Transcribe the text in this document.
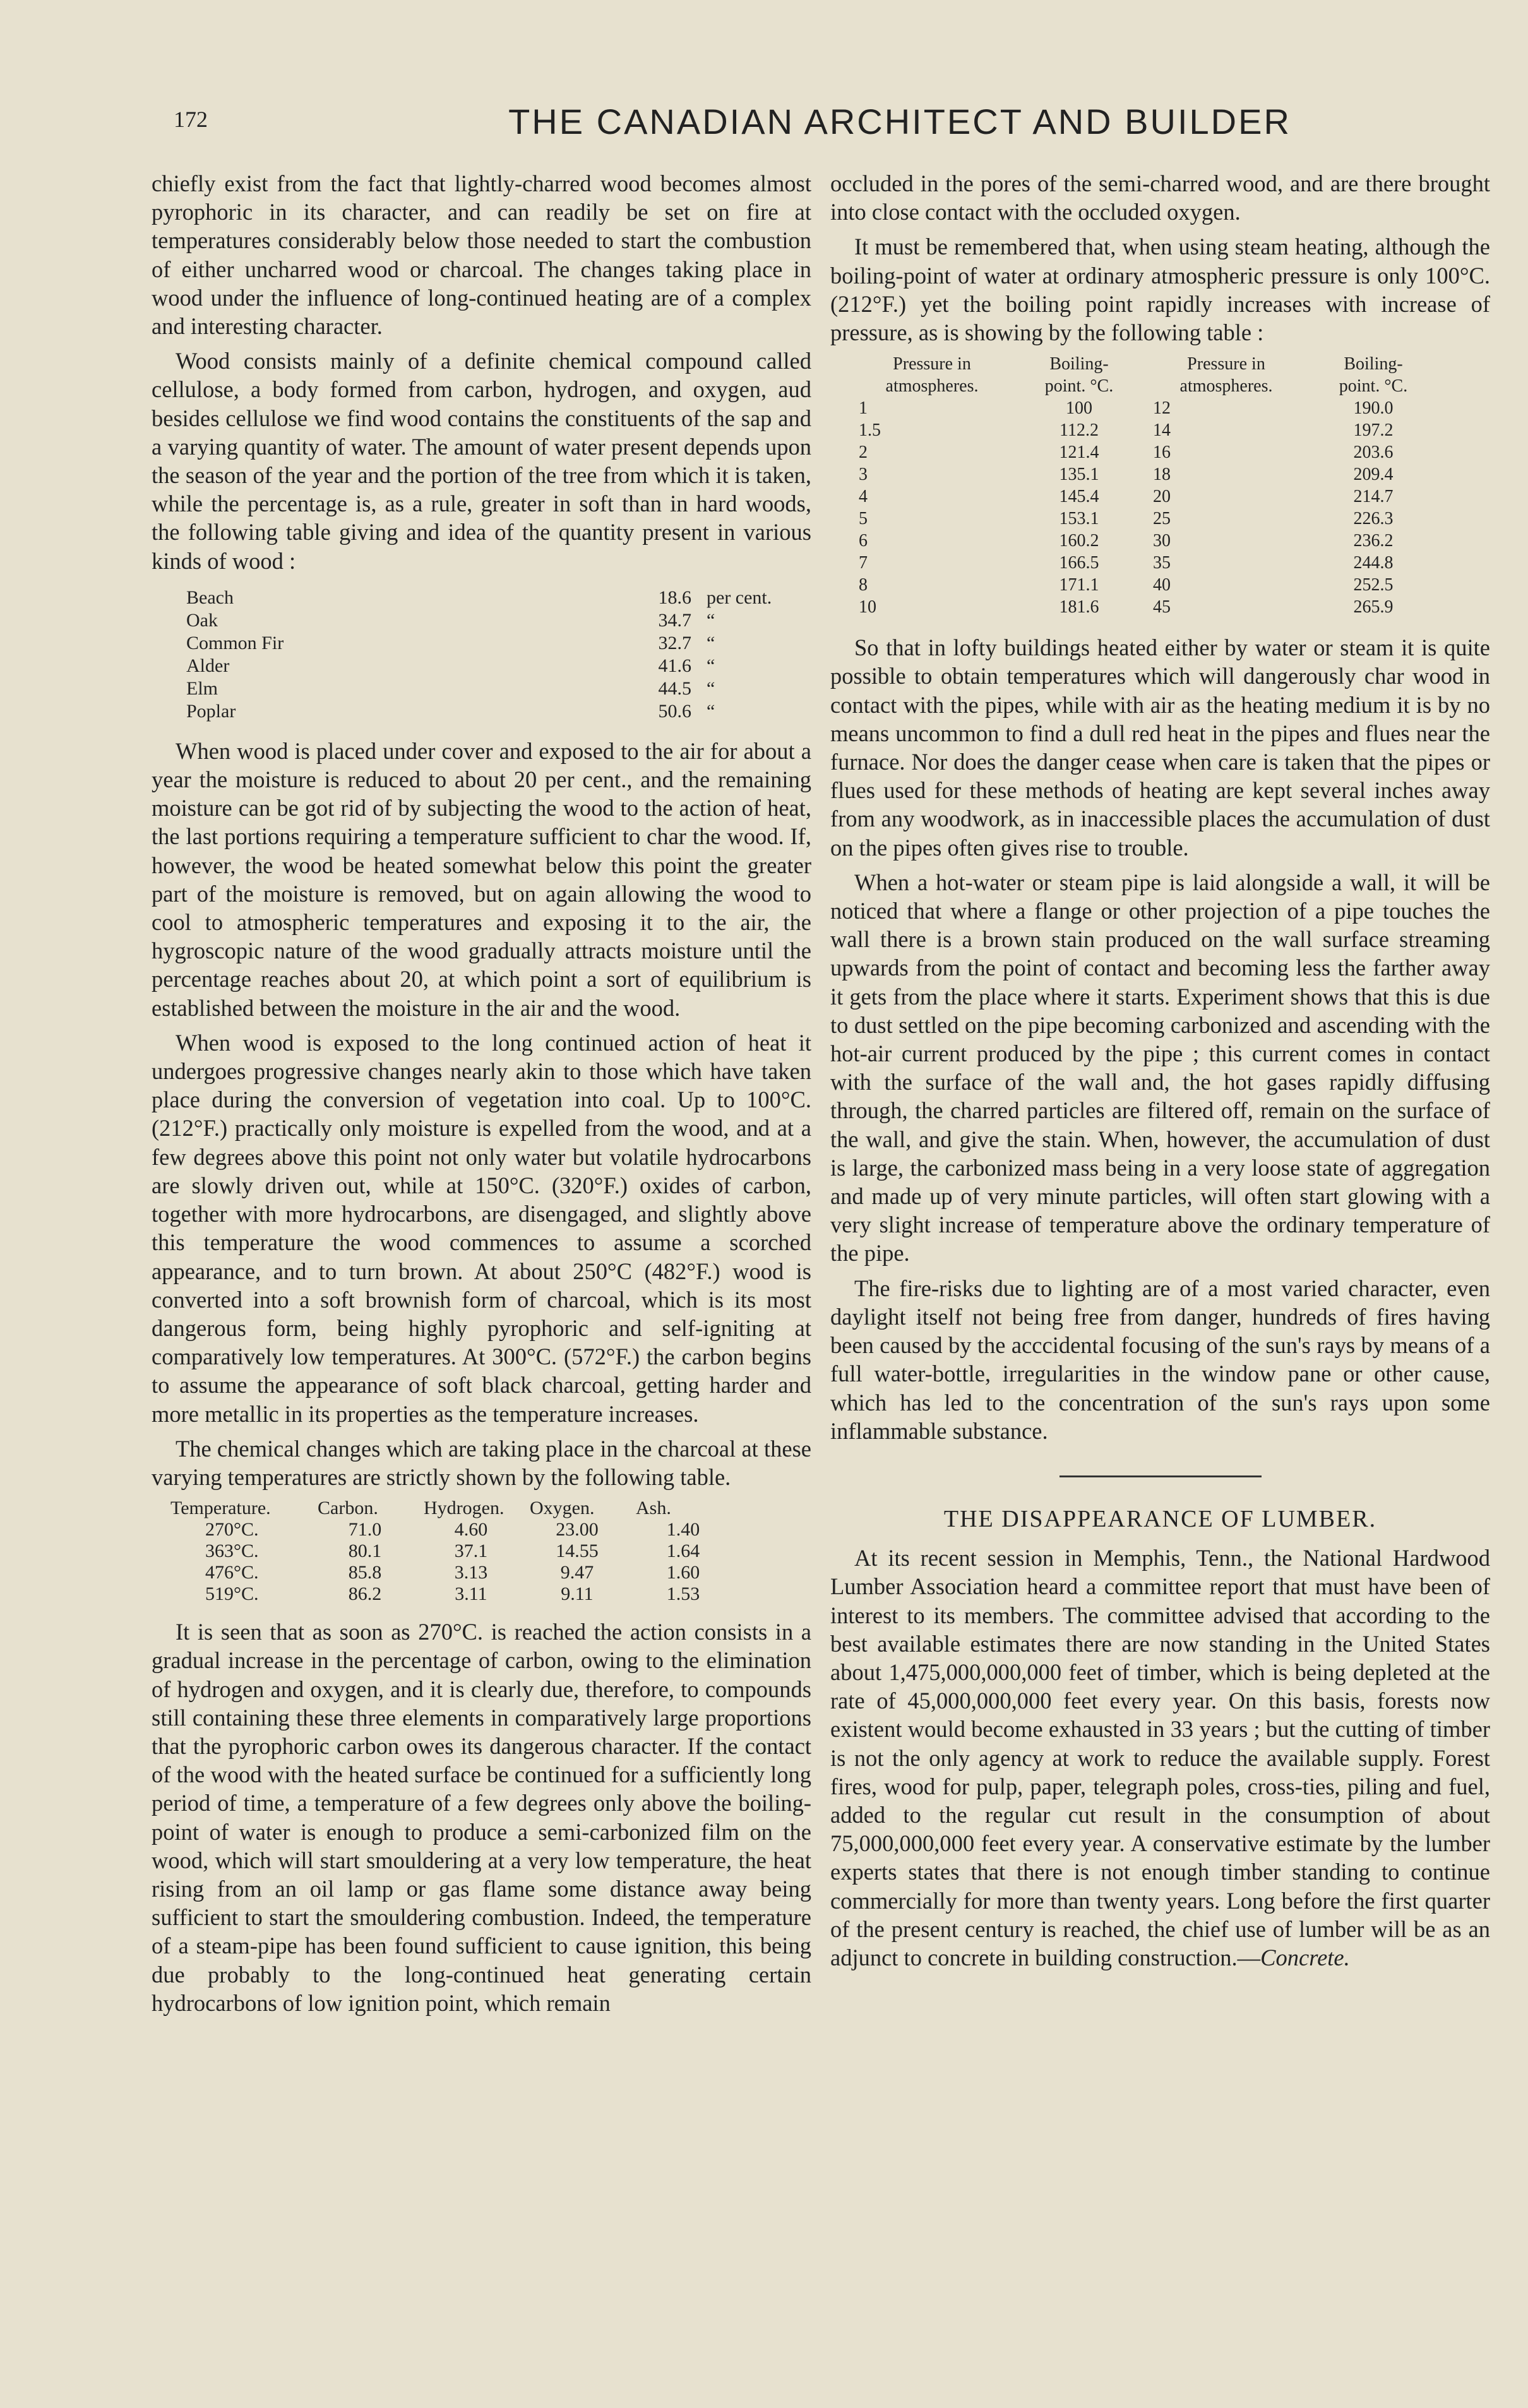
172	THE CANADIAN ARCHITECT AND BUILDER

chiefly exist from the fact that lightly-charred wood becomes almost pyrophoric in its character, and can readily be set on fire at temperatures considerably below those needed to start the combustion of either uncharred wood or charcoal. The changes taking place in wood under the influence of long-continued heating are of a complex and interesting character.

Wood consists mainly of a definite chemical compound called cellulose, a body formed from carbon, hydrogen, and oxygen, aud besides cellulose we find wood contains the constituents of the sap and a varying quantity of water. The amount of water present depends upon the season of the year and the portion of the tree from which it is taken, while the percentage is, as a rule, greater in soft than in hard woods, the following table giving and idea of the quantity present in various kinds of wood :

Beach	18.6	per cent.
Oak	34.7	“
Common Fir	32.7	“
Alder	41.6	“
Elm	44.5	“
Poplar	50.6	“

When wood is placed under cover and exposed to the air for about a year the moisture is reduced to about 20 per cent., and the remaining moisture can be got rid of by subjecting the wood to the action of heat, the last portions requiring a temperature sufficient to char the wood. If, however, the wood be heated somewhat below this point the greater part of the moisture is removed, but on again allowing the wood to cool to atmospheric temperatures and exposing it to the air, the hygroscopic nature of the wood gradually attracts moisture until the percentage reaches about 20, at which point a sort of equilibrium is established between the moisture in the air and the wood.

When wood is exposed to the long continued action of heat it undergoes progressive changes nearly akin to those which have taken place during the conversion of vegetation into coal. Up to 100°C. (212°F.) practically only moisture is expelled from the wood, and at a few degrees above this point not only water but volatile hydrocarbons are slowly driven out, while at 150°C. (320°F.) oxides of carbon, together with more hydrocarbons, are disengaged, and slightly above this temperature the wood commences to assume a scorched appearance, and to turn brown. At about 250°C (482°F.) wood is converted into a soft brownish form of charcoal, which is its most dangerous form, being highly pyrophoric and self-igniting at comparatively low temperatures. At 300°C. (572°F.) the carbon begins to assume the appearance of soft black charcoal, getting harder and more metallic in its properties as the temperature increases.

The chemical changes which are taking place in the charcoal at these varying temperatures are strictly shown by the following table.

Temperature.	Carbon.	Hydrogen.	Oxygen.	Ash.
270°C.	71.0	4.60	23.00	1.40
363°C.	80.1	37.1	14.55	1.64
476°C.	85.8	3.13	9.47	1.60
519°C.	86.2	3.11	9.11	1.53

It is seen that as soon as 270°C. is reached the action consists in a gradual increase in the percentage of carbon, owing to the elimination of hydrogen and oxygen, and it is clearly due, therefore, to compounds still containing these three elements in comparatively large proportions that the pyrophoric carbon owes its dangerous character. If the contact of the wood with the heated surface be continued for a sufficiently long period of time, a temperature of a few degrees only above the boiling-point of water is enough to produce a semi-carbonized film on the wood, which will start smouldering at a very low temperature, the heat rising from an oil lamp or gas flame some distance away being sufficient to start the smouldering combustion. Indeed, the temperature of a steam-pipe has been found sufficient to cause ignition, this being due probably to the long-continued heat generating certain hydrocarbons of low ignition point, which remain

occluded in the pores of the semi-charred wood, and are there brought into close contact with the occluded oxygen.

It must be remembered that, when using steam heating, although the boiling-point of water at ordinary atmospheric pressure is only 100°C. (212°F.) yet the boiling point rapidly increases with increase of pressure, as is showing by the following table :

Pressure in atmospheres.	Boiling-point. °C.	Pressure in atmospheres.	Boiling-point. °C.
1	100	12	190.0
1.5	112.2	14	197.2
2	121.4	16	203.6
3	135.1	18	209.4
4	145.4	20	214.7
5	153.1	25	226.3
6	160.2	30	236.2
7	166.5	35	244.8
8	171.1	40	252.5
10	181.6	45	265.9

So that in lofty buildings heated either by water or steam it is quite possible to obtain temperatures which will dangerously char wood in contact with the pipes, while with air as the heating medium it is by no means uncommon to find a dull red heat in the pipes and flues near the furnace. Nor does the danger cease when care is taken that the pipes or flues used for these methods of heating are kept several inches away from any woodwork, as in inaccessible places the accumulation of dust on the pipes often gives rise to trouble.

When a hot-water or steam pipe is laid alongside a wall, it will be noticed that where a flange or other projection of a pipe touches the wall there is a brown stain produced on the wall surface streaming upwards from the point of contact and becoming less the farther away it gets from the place where it starts. Experiment shows that this is due to dust settled on the pipe becoming carbonized and ascending with the hot-air current produced by the pipe ; this current comes in contact with the surface of the wall and, the hot gases rapidly diffusing through, the charred particles are filtered off, remain on the surface of the wall, and give the stain. When, however, the accumulation of dust is large, the carbonized mass being in a very loose state of aggregation and made up of very minute particles, will often start glowing with a very slight increase of temperature above the ordinary temperature of the pipe.

The fire-risks due to lighting are of a most varied character, even daylight itself not being free from danger, hundreds of fires having been caused by the acccidental focusing of the sun's rays by means of a full water-bottle, irregularities in the window pane or other cause, which has led to the concentration of the sun's rays upon some inflammable substance.

THE DISAPPEARANCE OF LUMBER.

At its recent session in Memphis, Tenn., the National Hardwood Lumber Association heard a committee report that must have been of interest to its members. The committee advised that according to the best available estimates there are now standing in the United States about 1,475,000,000,000 feet of timber, which is being depleted at the rate of 45,000,000,000 feet every year. On this basis, forests now existent would become exhausted in 33 years ; but the cutting of timber is not the only agency at work to reduce the available supply. Forest fires, wood for pulp, paper, telegraph poles, cross-ties, piling and fuel, added to the regular cut result in the consumption of about 75,000,000,000 feet every year. A conservative estimate by the lumber experts states that there is not enough timber standing to continue commercially for more than twenty years. Long before the first quarter of the present century is reached, the chief use of lumber will be as an adjunct to concrete in building construction.—Concrete.
